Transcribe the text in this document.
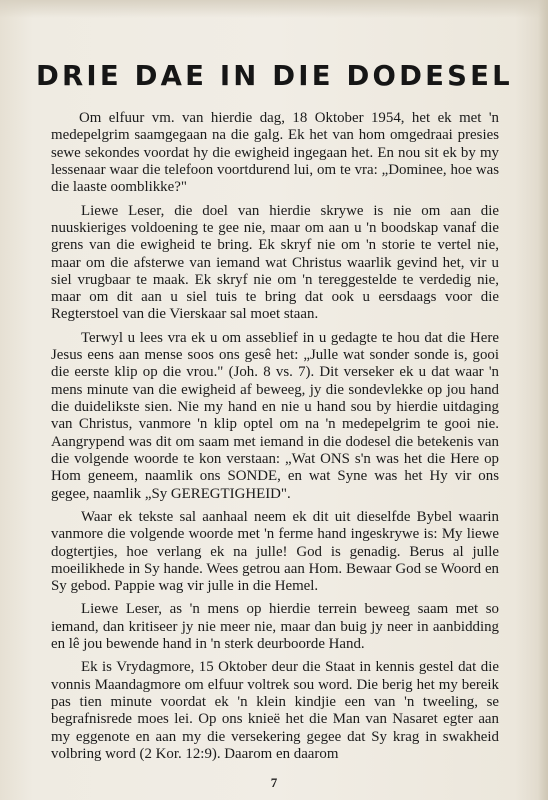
DRIE DAE IN DIE DODESEL

Om elfuur vm. van hierdie dag, 18 Oktober 1954, het ek met 'n medepelgrim saamgegaan na die galg. Ek het van hom omgedraai presies sewe sekondes voordat hy die ewigheid ingegaan het. En nou sit ek by my lessenaar waar die telefoon voortdurend lui, om te vra: „Dominee, hoe was die laaste oomblikke?"

Liewe Leser, die doel van hierdie skrywe is nie om aan die nuuskieriges voldoening te gee nie, maar om aan u 'n boodskap vanaf die grens van die ewigheid te bring. Ek skryf nie om 'n storie te vertel nie, maar om die afsterwe van iemand wat Christus waarlik gevind het, vir u siel vrugbaar te maak. Ek skryf nie om 'n tereggestelde te verdedig nie, maar om dit aan u siel tuis te bring dat ook u eersdaags voor die Regterstoel van die Vierskaar sal moet staan.

Terwyl u lees vra ek u om asseblief in u gedagte te hou dat die Here Jesus eens aan mense soos ons gesê het: „Julle wat sonder sonde is, gooi die eerste klip op die vrou." (Joh. 8 vs. 7). Dit verseker ek u dat waar 'n mens minute van die ewigheid af beweeg, jy die sondevlekke op jou hand die duidelikste sien. Nie my hand en nie u hand sou by hierdie uitdaging van Christus, vanmore 'n klip optel om na 'n medepelgrim te gooi nie. Aangrypend was dit om saam met iemand in die dodesel die betekenis van die volgende woorde te kon verstaan: „Wat ONS s'n was het die Here op Hom geneem, naamlik ons SONDE, en wat Syne was het Hy vir ons gegee, naamlik „Sy GEREGTIGHEID".

Waar ek tekste sal aanhaal neem ek dit uit dieselfde Bybel waarin vanmore die volgende woorde met 'n ferme hand ingeskrywe is: My liewe dogtertjies, hoe verlang ek na julle! God is genadig. Berus al julle moeilikhede in Sy hande. Wees getrou aan Hom. Bewaar God se Woord en Sy gebod. Pappie wag vir julle in die Hemel.

Liewe Leser, as 'n mens op hierdie terrein beweeg saam met so iemand, dan kritiseer jy nie meer nie, maar dan buig jy neer in aanbidding en lê jou bewende hand in 'n sterk deurboorde Hand.

Ek is Vrydagmore, 15 Oktober deur die Staat in kennis gestel dat die vonnis Maandagmore om elfuur voltrek sou word. Die berig het my bereik pas tien minute voordat ek 'n klein kindjie een van 'n tweeling, se begrafnisrede moes lei. Op ons knieë het die Man van Nasaret egter aan my eggenote en aan my die versekering gegee dat Sy krag in swakheid volbring word (2 Kor. 12:9). Daarom en daarom

7
